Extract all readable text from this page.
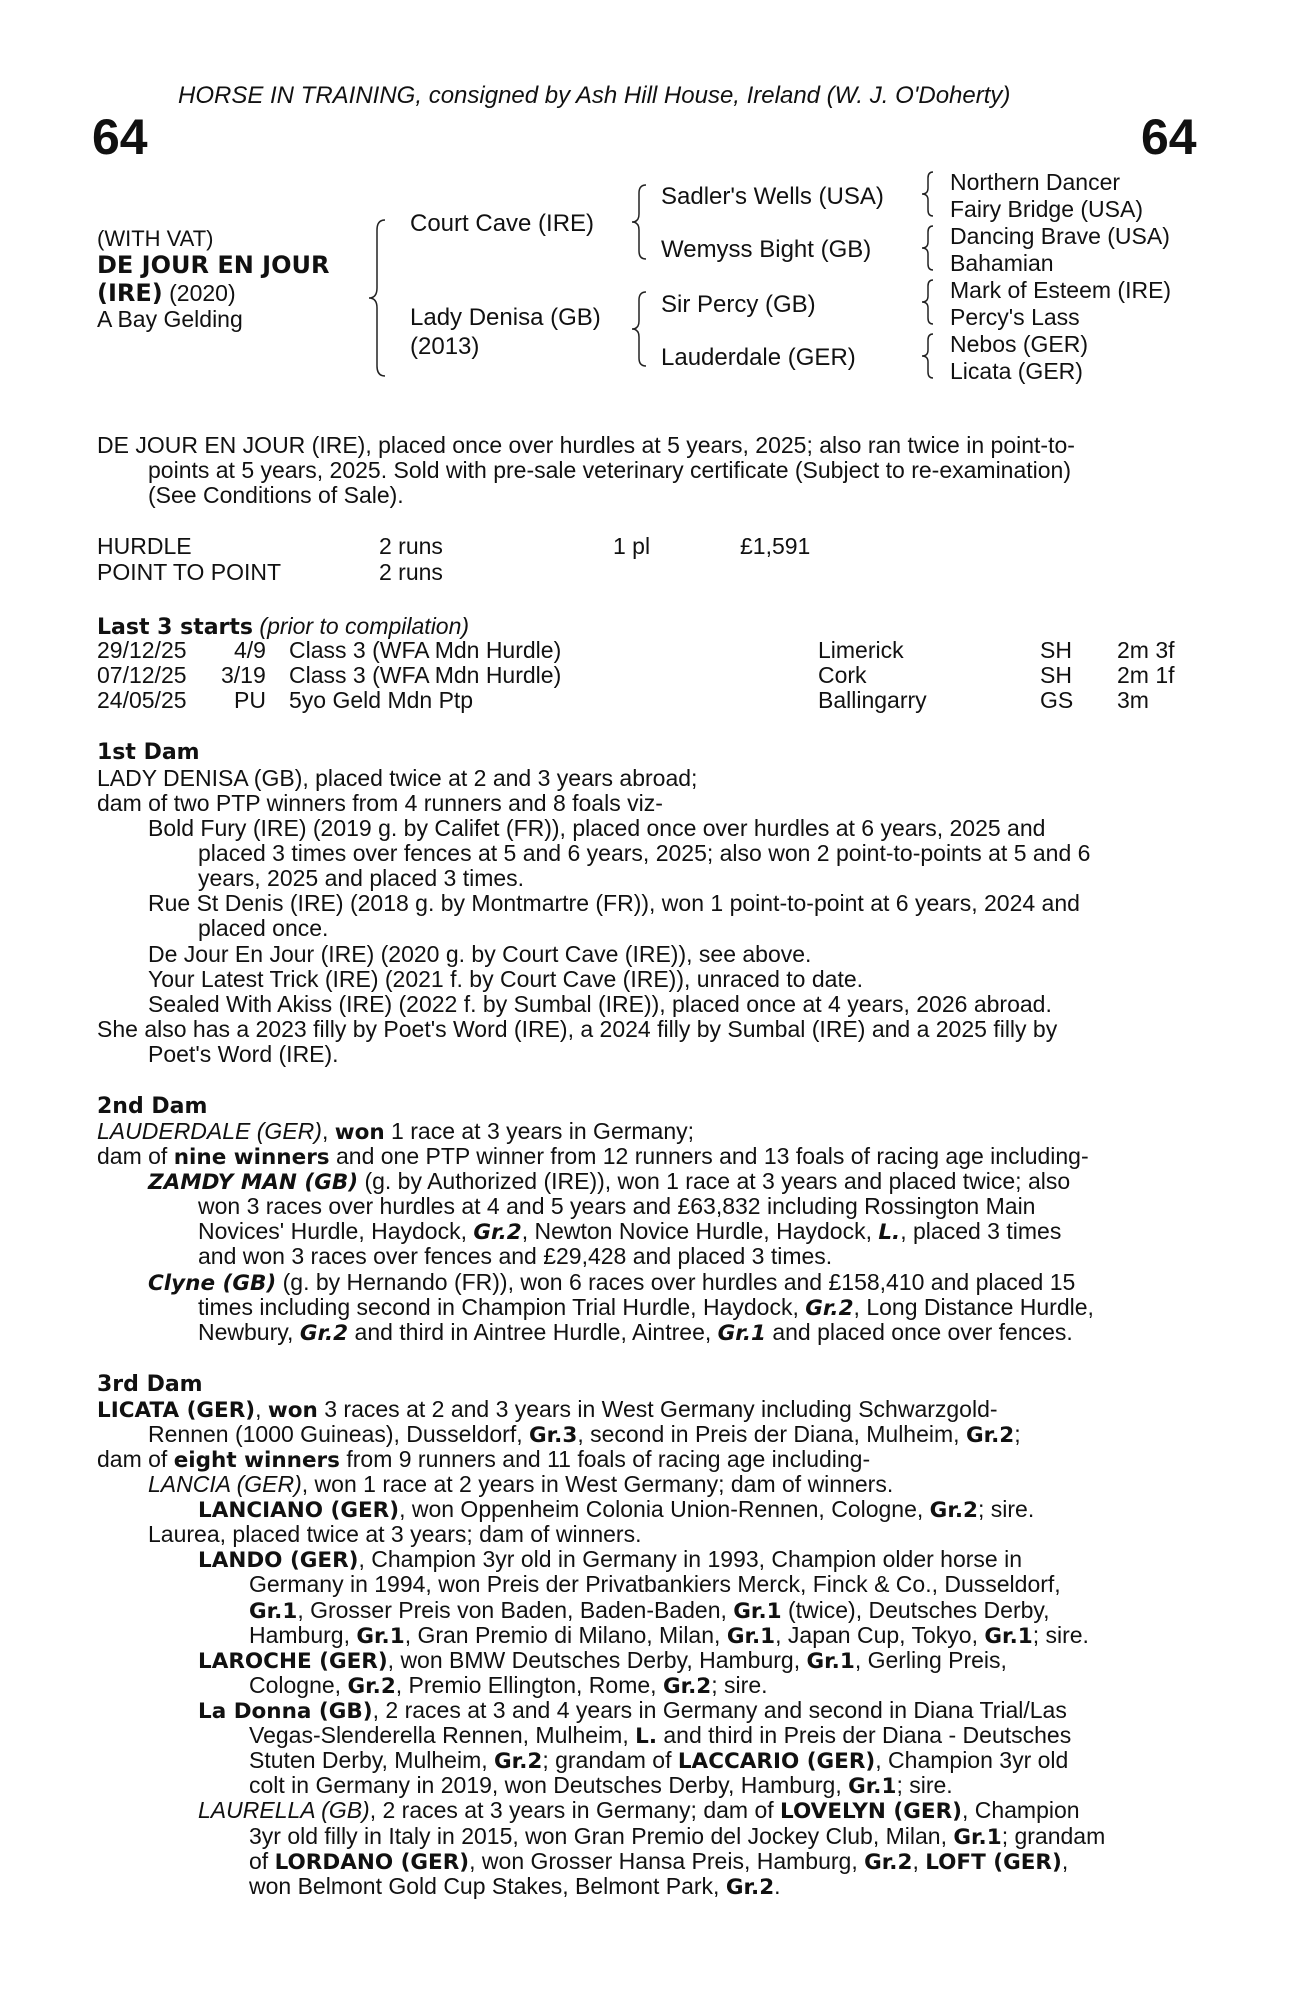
HORSE IN TRAINING, consigned by Ash Hill House, Ireland (W. J. O'Doherty)
64	64
(WITH VAT)
DE JOUR EN JOUR
(IRE) (2020)
A Bay Gelding
Court Cave (IRE)
Lady Denisa (GB)
(2013)
Sadler's Wells (USA)
Wemyss Bight (GB)
Sir Percy (GB)
Lauderdale (GER)
Northern Dancer
Fairy Bridge (USA)
Dancing Brave (USA)
Bahamian
Mark of Esteem (IRE)
Percy's Lass
Nebos (GER)
Licata (GER)
DE JOUR EN JOUR (IRE), placed once over hurdles at 5 years, 2025; also ran twice in point-to-
points at 5 years, 2025. Sold with pre-sale veterinary certificate (Subject to re-examination)
(See Conditions of Sale).
HURDLE	2 runs	1 pl	£1,591
POINT TO POINT	2 runs
Last 3 starts (prior to compilation)
29/12/25 4/9 Class 3 (WFA Mdn Hurdle)	Limerick	SH 2m 3f
07/12/25 3/19 Class 3 (WFA Mdn Hurdle)	Cork	SH 2m 1f
24/05/25 PU 5yo Geld Mdn Ptp	Ballingarry	GS 3m
1st Dam
LADY DENISA (GB), placed twice at 2 and 3 years abroad;
dam of two PTP winners from 4 runners and 8 foals viz-
Bold Fury (IRE) (2019 g. by Califet (FR)), placed once over hurdles at 6 years, 2025 and
placed 3 times over fences at 5 and 6 years, 2025; also won 2 point-to-points at 5 and 6
years, 2025 and placed 3 times.
Rue St Denis (IRE) (2018 g. by Montmartre (FR)), won 1 point-to-point at 6 years, 2024 and
placed once.
De Jour En Jour (IRE) (2020 g. by Court Cave (IRE)), see above.
Your Latest Trick (IRE) (2021 f. by Court Cave (IRE)), unraced to date.
Sealed With Akiss (IRE) (2022 f. by Sumbal (IRE)), placed once at 4 years, 2026 abroad.
She also has a 2023 filly by Poet's Word (IRE), a 2024 filly by Sumbal (IRE) and a 2025 filly by
Poet's Word (IRE).
2nd Dam
LAUDERDALE (GER), won 1 race at 3 years in Germany;
dam of nine winners and one PTP winner from 12 runners and 13 foals of racing age including-
ZAMDY MAN (GB) (g. by Authorized (IRE)), won 1 race at 3 years and placed twice; also
won 3 races over hurdles at 4 and 5 years and £63,832 including Rossington Main
Novices' Hurdle, Haydock, Gr.2, Newton Novice Hurdle, Haydock, L., placed 3 times
and won 3 races over fences and £29,428 and placed 3 times.
Clyne (GB) (g. by Hernando (FR)), won 6 races over hurdles and £158,410 and placed 15
times including second in Champion Trial Hurdle, Haydock, Gr.2, Long Distance Hurdle,
Newbury, Gr.2 and third in Aintree Hurdle, Aintree, Gr.1 and placed once over fences.
3rd Dam
LICATA (GER), won 3 races at 2 and 3 years in West Germany including Schwarzgold-
Rennen (1000 Guineas), Dusseldorf, Gr.3, second in Preis der Diana, Mulheim, Gr.2;
dam of eight winners from 9 runners and 11 foals of racing age including-
LANCIA (GER), won 1 race at 2 years in West Germany; dam of winners.
LANCIANO (GER), won Oppenheim Colonia Union-Rennen, Cologne, Gr.2; sire.
Laurea, placed twice at 3 years; dam of winners.
LANDO (GER), Champion 3yr old in Germany in 1993, Champion older horse in
Germany in 1994, won Preis der Privatbankiers Merck, Finck & Co., Dusseldorf,
Gr.1, Grosser Preis von Baden, Baden-Baden, Gr.1 (twice), Deutsches Derby,
Hamburg, Gr.1, Gran Premio di Milano, Milan, Gr.1, Japan Cup, Tokyo, Gr.1; sire.
LAROCHE (GER), won BMW Deutsches Derby, Hamburg, Gr.1, Gerling Preis,
Cologne, Gr.2, Premio Ellington, Rome, Gr.2; sire.
La Donna (GB), 2 races at 3 and 4 years in Germany and second in Diana Trial/Las
Vegas-Slenderella Rennen, Mulheim, L. and third in Preis der Diana - Deutsches
Stuten Derby, Mulheim, Gr.2; grandam of LACCARIO (GER), Champion 3yr old
colt in Germany in 2019, won Deutsches Derby, Hamburg, Gr.1; sire.
LAURELLA (GB), 2 races at 3 years in Germany; dam of LOVELYN (GER), Champion
3yr old filly in Italy in 2015, won Gran Premio del Jockey Club, Milan, Gr.1; grandam
of LORDANO (GER), won Grosser Hansa Preis, Hamburg, Gr.2, LOFT (GER),
won Belmont Gold Cup Stakes, Belmont Park, Gr.2.
